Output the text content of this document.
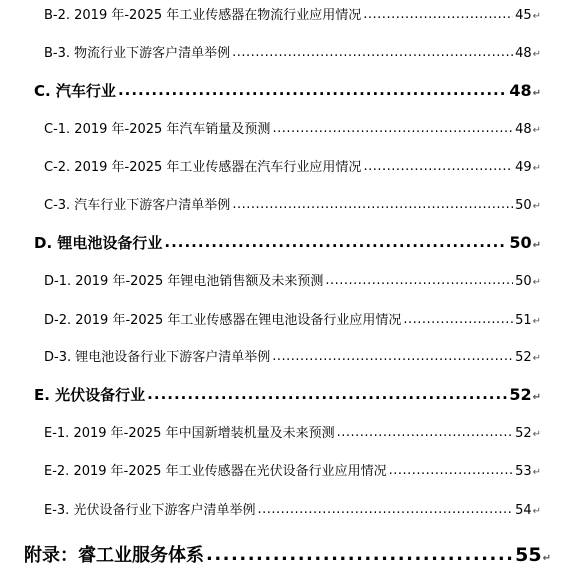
B-2. 2019 年-2025 年工业传感器在物流行业应用情况 .....	45 ↵
B-3. 物流行业下游客户清单举例 .....	48 ↵
C. 汽车行业 .....	48 ↵
C-1. 2019 年-2025 年汽车销量及预测 .....	48 ↵
C-2. 2019 年-2025 年工业传感器在汽车行业应用情况 .....	49 ↵
C-3. 汽车行业下游客户清单举例 .....	50 ↵
D. 锂电池设备行业 .....	50 ↵
D-1. 2019 年-2025 年锂电池销售额及未来预测 .....	50 ↵
D-2. 2019 年-2025 年工业传感器在锂电池设备行业应用情况 .....	51 ↵
D-3. 锂电池设备行业下游客户清单举例 .....	52 ↵
E. 光伏设备行业 .....	52 ↵
E-1. 2019 年-2025 年中国新增装机量及未来预测 .....	52 ↵
E-2. 2019 年-2025 年工业传感器在光伏设备行业应用情况 .....	53 ↵
E-3. 光伏设备行业下游客户清单举例 .....	54 ↵
附录：睿工业服务体系 .....	55 ↵
